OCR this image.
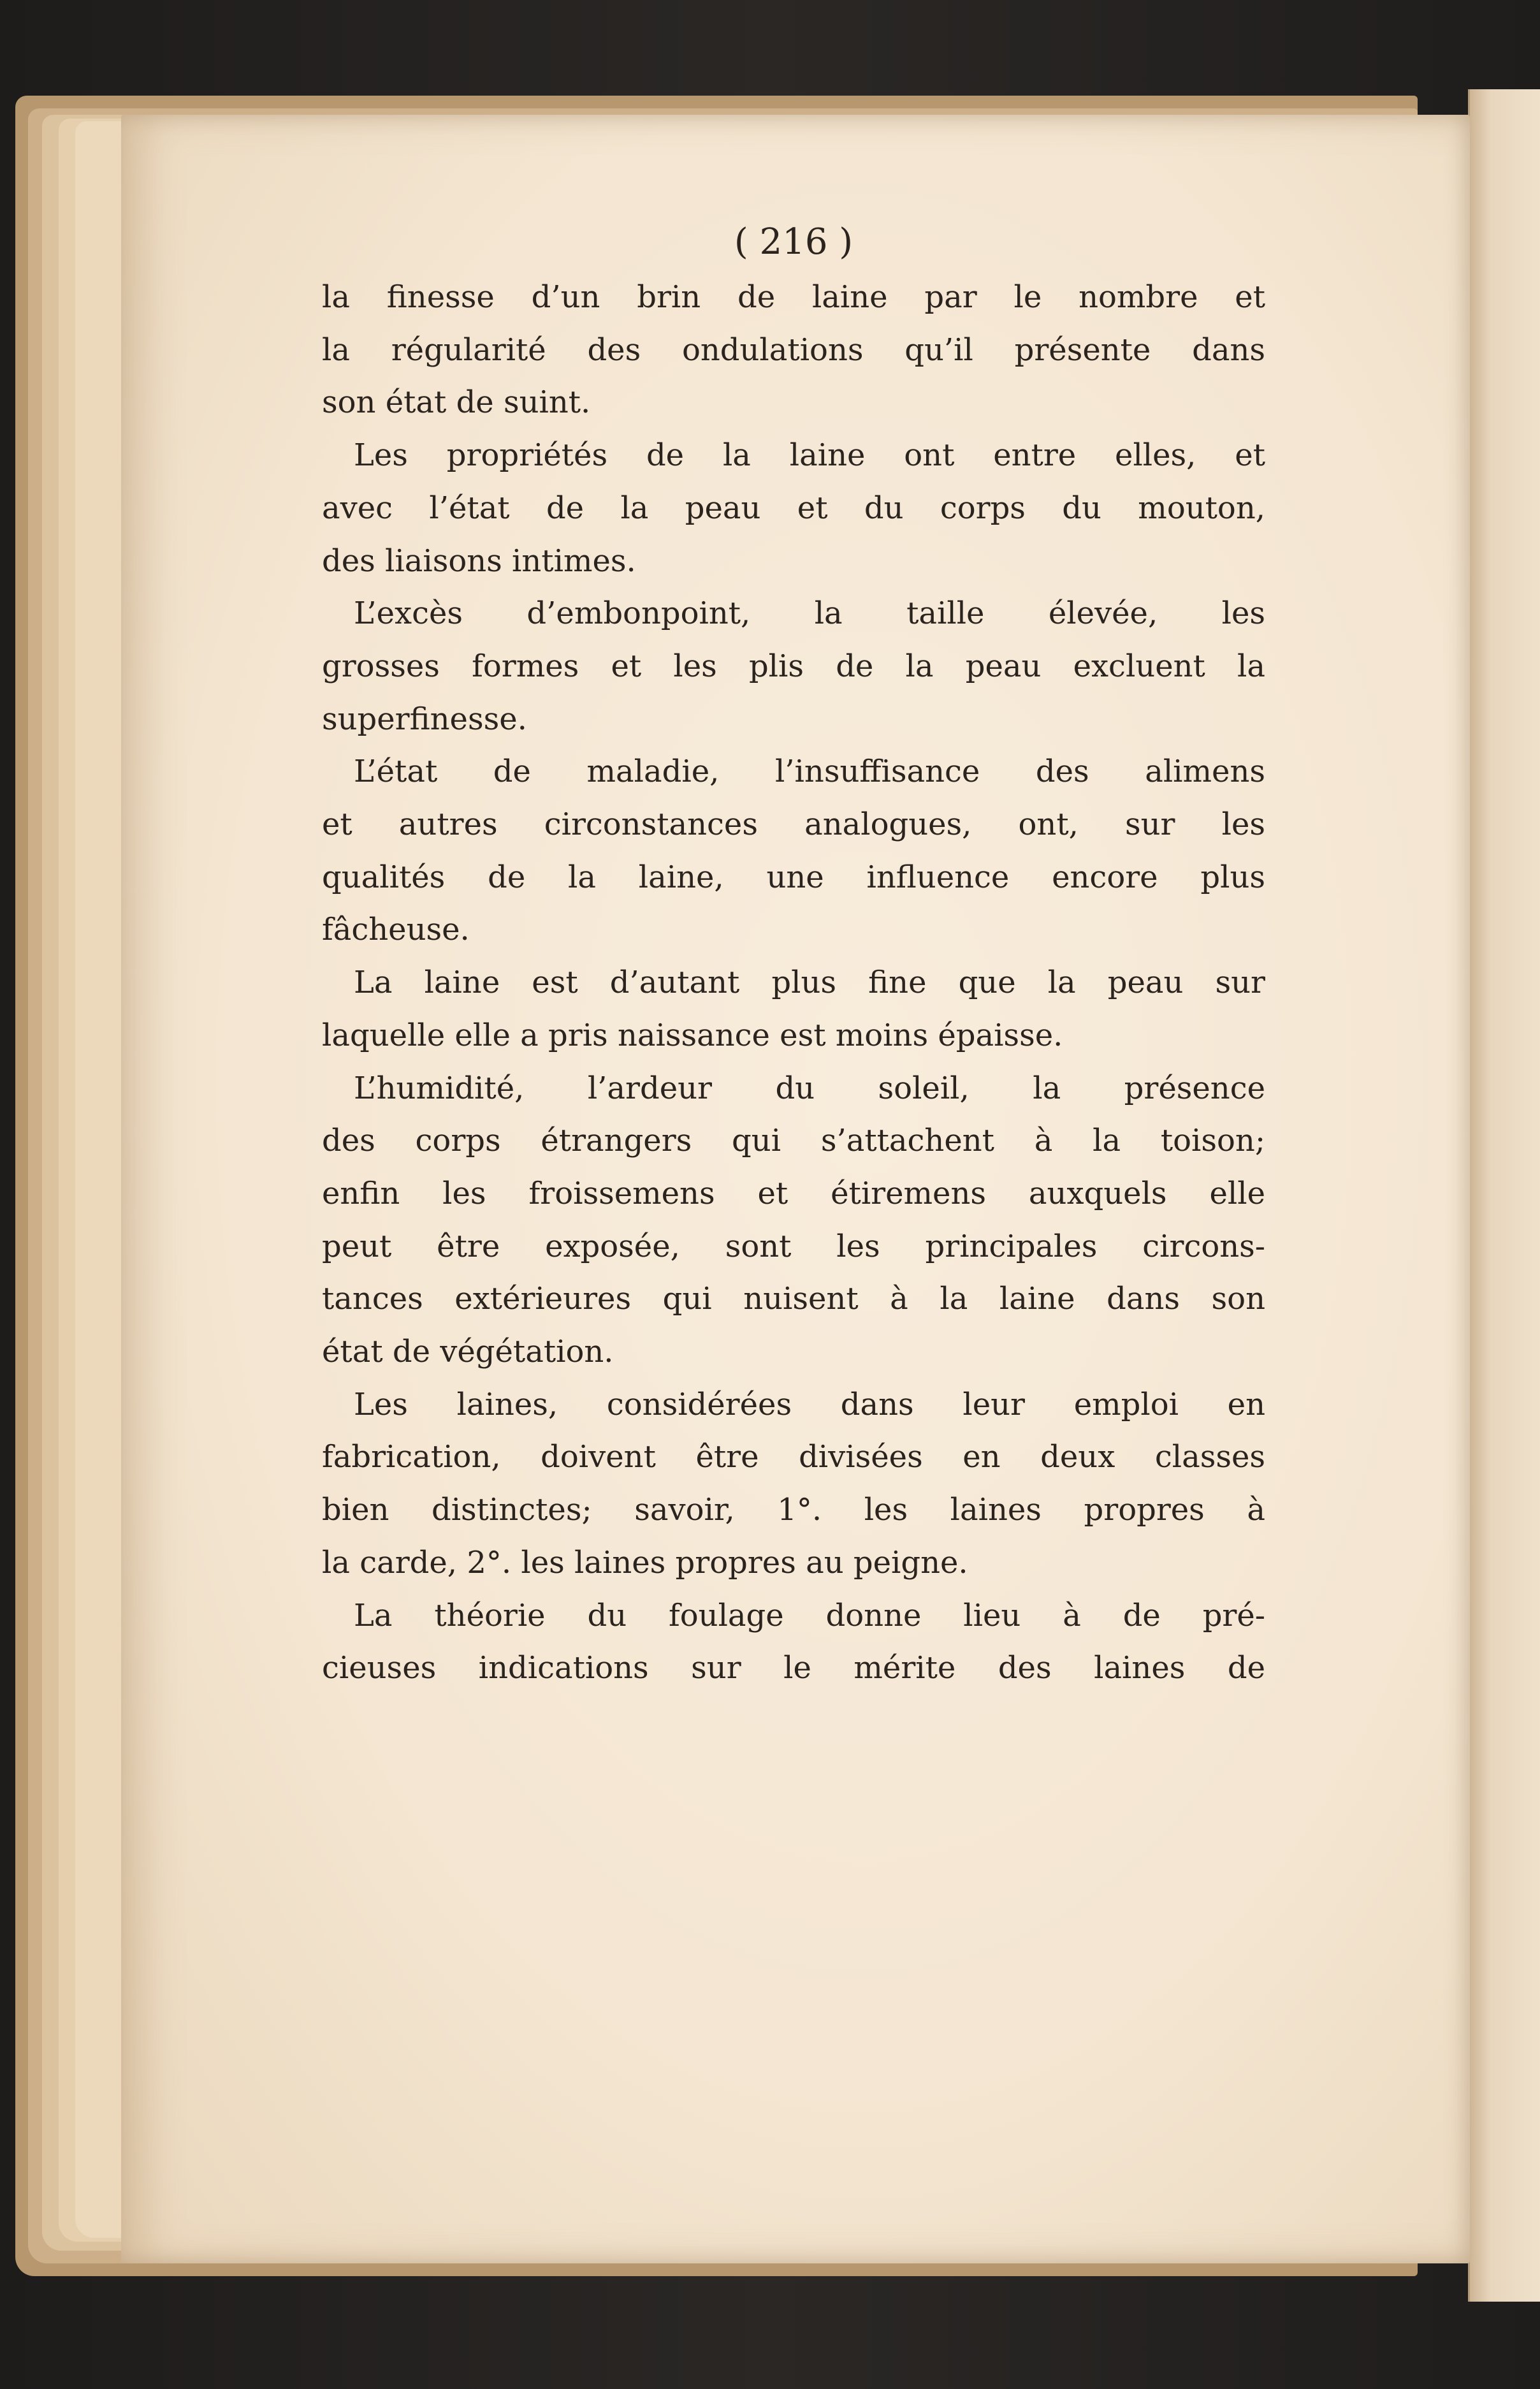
( 216 )

la finesse d’un brin de laine par le nombre et
la régularité des ondulations qu’il présente dans
son état de suint.

Les propriétés de la laine ont entre elles, et
avec l’état de la peau et du corps du mouton,
des liaisons intimes.

L’excès d’embonpoint, la taille élevée, les
grosses formes et les plis de la peau excluent la
superfinesse.

L’état de maladie, l’insuffisance des alimens
et autres circonstances analogues, ont, sur les
qualités de la laine, une influence encore plus
fâcheuse.

La laine est d’autant plus fine que la peau sur
laquelle elle a pris naissance est moins épaisse.

L’humidité, l’ardeur du soleil, la présence
des corps étrangers qui s’attachent à la toison;
enfin les froissemens et étiremens auxquels elle
peut être exposée, sont les principales circons-
tances extérieures qui nuisent à la laine dans son
état de végétation.

Les laines, considérées dans leur emploi en
fabrication, doivent être divisées en deux classes
bien distinctes; savoir, 1°. les laines propres à
la carde, 2°. les laines propres au peigne.

La théorie du foulage donne lieu à de pré-
cieuses indications sur le mérite des laines de
